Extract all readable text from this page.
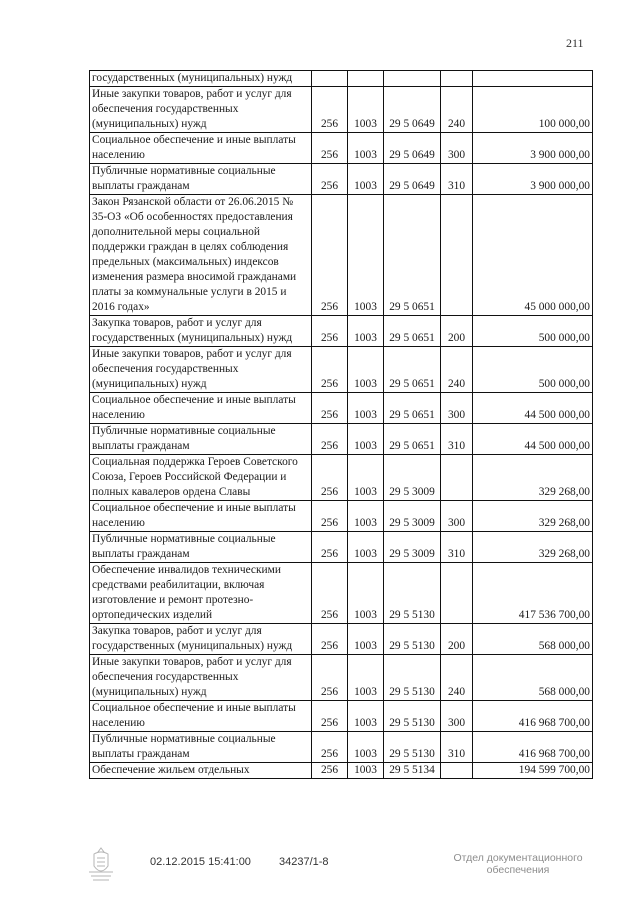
211
государственных (муниципальных) нужд					
Иные закупки товаров, работ и услуг для обеспечения государственных (муниципальных) нужд	256	1003	29 5 0649	240	100 000,00
Социальное обеспечение и иные выплаты населению	256	1003	29 5 0649	300	3 900 000,00
Публичные нормативные социальные выплаты гражданам	256	1003	29 5 0649	310	3 900 000,00
Закон Рязанской области от 26.06.2015 № 35-ОЗ «Об особенностях предоставления дополнительной меры социальной поддержки граждан в целях соблюдения предельных (максимальных) индексов изменения размера вносимой гражданами платы за коммунальные услуги в 2015 и 2016 годах»	256	1003	29 5 0651		45 000 000,00
Закупка товаров, работ и услуг для государственных (муниципальных) нужд	256	1003	29 5 0651	200	500 000,00
Иные закупки товаров, работ и услуг для обеспечения государственных (муниципальных) нужд	256	1003	29 5 0651	240	500 000,00
Социальное обеспечение и иные выплаты населению	256	1003	29 5 0651	300	44 500 000,00
Публичные нормативные социальные выплаты гражданам	256	1003	29 5 0651	310	44 500 000,00
Социальная поддержка Героев Советского Союза, Героев Российской Федерации и полных кавалеров ордена Славы	256	1003	29 5 3009		329 268,00
Социальное обеспечение и иные выплаты населению	256	1003	29 5 3009	300	329 268,00
Публичные нормативные социальные выплаты гражданам	256	1003	29 5 3009	310	329 268,00
Обеспечение инвалидов техническими средствами реабилитации, включая изготовление и ремонт протезно-ортопедических изделий	256	1003	29 5 5130		417 536 700,00
Закупка товаров, работ и услуг для государственных (муниципальных) нужд	256	1003	29 5 5130	200	568 000,00
Иные закупки товаров, работ и услуг для обеспечения государственных (муниципальных) нужд	256	1003	29 5 5130	240	568 000,00
Социальное обеспечение и иные выплаты населению	256	1003	29 5 5130	300	416 968 700,00
Публичные нормативные социальные выплаты гражданам	256	1003	29 5 5130	310	416 968 700,00
Обеспечение жильем отдельных	256	1003	29 5 5134		194 599 700,00
02.12.2015 15:41:00	34237/1-8	Отдел документационного
обеспечения
